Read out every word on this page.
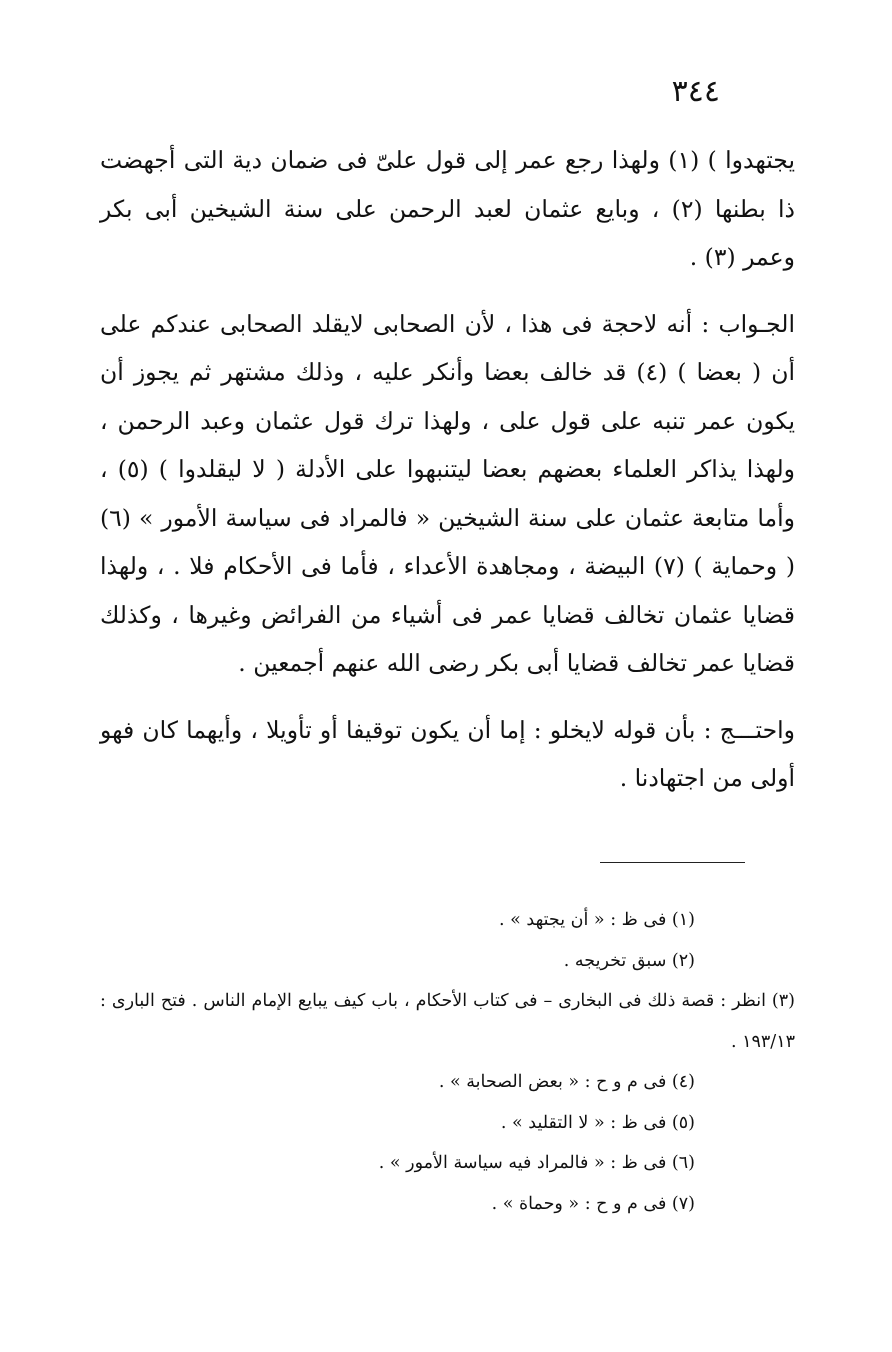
٣٤٤

يجتهدوا ) (١) ولهذا رجع عمر إلى قول علىّ فى ضمان دية التى أجهضت ذا بطنها (٢) ، وبايع عثمان لعبد الرحمن على سنة الشيخين أبى بكر وعمر (٣) .

الجـواب : أنه لاحجة فى هذا ، لأن الصحابى لايقلد الصحابى عندكم على أن ( بعضا ) (٤) قد خالف بعضا وأنكر عليه ، وذلك مشتهر ثم يجوز أن يكون عمر تنبه على قول على ، ولهذا ترك قول عثمان وعبد الرحمن ، ولهذا يذاكر العلماء بعضهم بعضا ليتنبهوا على الأدلة ( لا ليقلدوا ) (٥) ، وأما متابعة عثمان على سنة الشيخين « فالمراد فى سياسة الأمور » (٦) ( وحماية ) (٧) البيضة ، ومجاهدة الأعداء ، فأما فى الأحكام فلا . ، ولهذا قضايا عثمان تخالف قضايا عمر فى أشياء من الفرائض وغيرها ، وكذلك قضايا عمر تخالف قضايا أبى بكر رضى الله عنهم أجمعين .

واحتـــج : بأن قوله لايخلو : إما أن يكون توقيفا أو تأويلا ، وأيهما كان فهو أولى من اجتهادنا .

(١) فى ظ : « أن يجتهد » .

(٢) سبق تخريجه .

(٣) انظر : قصة ذلك فى البخارى – فى كتاب الأحكام ، باب كيف يبايع الإمام الناس . فتح البارى : ١٩٣/١٣ .

(٤) فى م و ح : « بعض الصحابة » .

(٥) فى ظ : « لا التقليد » .

(٦) فى ظ : « فالمراد فيه سياسة الأمور » .

(٧) فى م و ح : « وحماة » .
